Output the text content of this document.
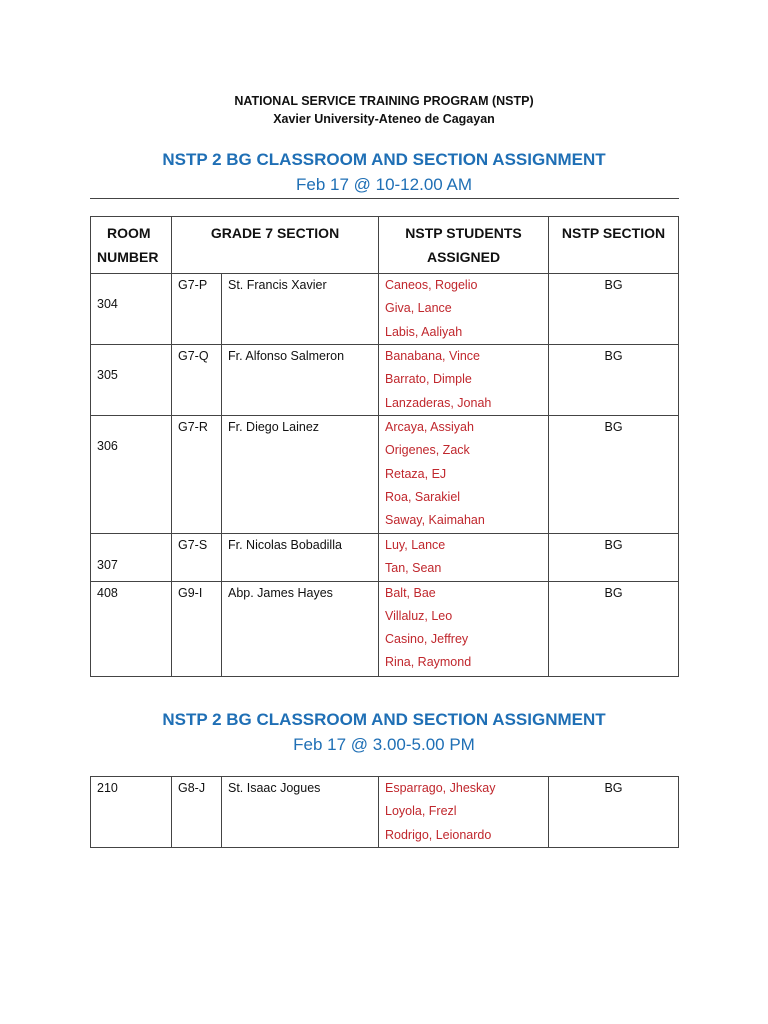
NATIONAL SERVICE TRAINING PROGRAM (NSTP)
Xavier University-Ateneo de Cagayan
NSTP 2 BG CLASSROOM AND SECTION ASSIGNMENT
Feb 17 @ 10-12.00 AM
ROOM
NUMBER	GRADE 7 SECTION		NSTP STUDENTS
ASSIGNED	NSTP SECTION

304	G7-P	St. Francis Xavier	Caneos, Rogelio
Giva, Lance
Labis, Aaliyah	BG

305	G7-Q	Fr. Alfonso Salmeron	Banabana, Vince
Barrato, Dimple
Lanzaderas, Jonah	BG

306	G7-R	Fr. Diego Lainez	Arcaya, Assiyah
Origenes, Zack
Retaza, EJ
Roa, Sarakiel
Saway, Kaimahan	BG

307	G7-S	Fr. Nicolas Bobadilla	Luy, Lance
Tan, Sean	BG

408	G9-I	Abp. James Hayes	Balt, Bae
Villaluz, Leo
Casino, Jeffrey
Rina, Raymond	BG
NSTP 2 BG CLASSROOM AND SECTION ASSIGNMENT
Feb 17 @ 3.00-5.00 PM
210	G8-J	St. Isaac Jogues	Esparrago, Jheskay
Loyola, Frezl
Rodrigo, Leionardo
	BG
